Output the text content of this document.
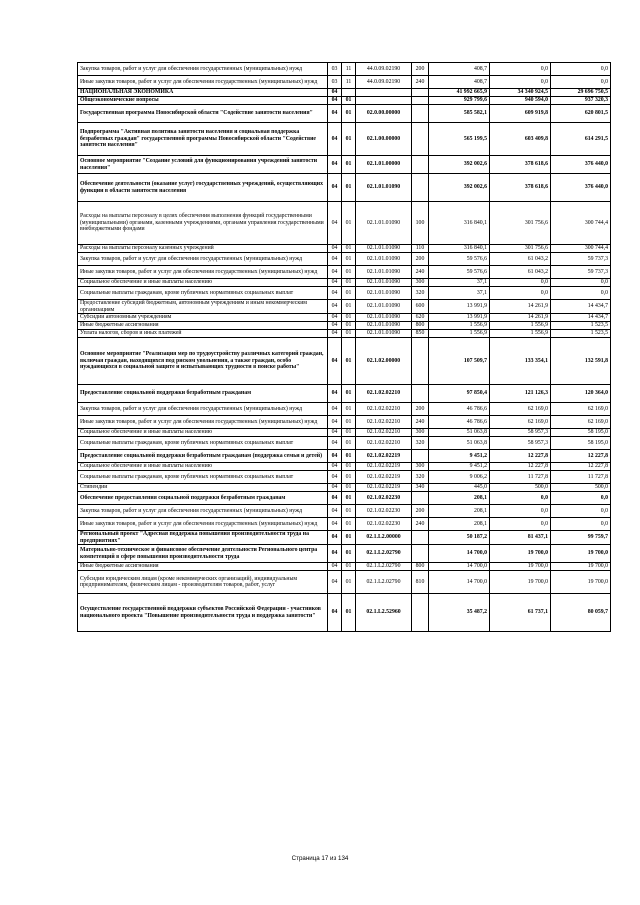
Закупка товаров, работ и услуг для обеспечения государственных (муниципальных) нужд	03	11	44.0.09.02190	200	408,7	0,0	0,0
Иные закупки товаров, работ и услуг для обеспечения государственных (муниципальных) нужд	03	11	44.0.09.02190	240	408,7	0,0	0,0
НАЦИОНАЛЬНАЯ ЭКОНОМИКА	04				41 992 665,9	34 340 924,5	29 696 750,5
Общеэкономические вопросы	04	01			929 799,6	940 594,0	937 320,3
Государственная программа Новосибирской области "Содействие занятости населения"	04	01	02.0.00.00000		585 582,1	609 919,8	620 801,5
Подпрограмма "Активная политика занятости населения и социальная поддержка безработных граждан" государственной программы Новосибирской области "Содействие занятости населения"	04	01	02.1.00.00000		565 199,5	603 409,8	614 291,5
Основное мероприятие "Создание условий для функционирования учреждений занятости населения"	04	01	02.1.01.00000		392 002,6	378 618,6	376 440,0
Обеспечение деятельности (оказание услуг) государственных учреждений, осуществляющих функции в области занятости населения	04	01	02.1.01.01090		392 002,6	378 618,6	376 440,0
Расходы на выплаты персоналу в целях обеспечения выполнения функций государственными (муниципальными) органами, казенными учреждениями, органами управления государственными внебюджетными фондами	04	01	02.1.01.01090	100	316 840,1	301 756,6	300 744,4
Расходы на выплаты персоналу казенных учреждений	04	01	02.1.01.01090	110	316 840,1	301 756,6	300 744,4
Закупка товаров, работ и услуг для обеспечения государственных (муниципальных) нужд	04	01	02.1.01.01090	200	59 576,6	61 043,2	59 737,3
Иные закупки товаров, работ и услуг для обеспечения государственных (муниципальных) нужд	04	01	02.1.01.01090	240	59 576,6	61 043,2	59 737,3
Социальное обеспечение и иные выплаты населению	04	01	02.1.01.01090	300	37,1	0,0	0,0
Социальные выплаты гражданам, кроме публичных нормативных социальных выплат	04	01	02.1.01.01090	320	37,1	0,0	0,0
Предоставление субсидий бюджетным, автономным учреждениям и иным некоммерческим организациям	04	01	02.1.01.01090	600	13 991,9	14 261,9	14 434,7
Субсидии автономным учреждениям	04	01	02.1.01.01090	620	13 991,9	14 261,9	14 434,7
Иные бюджетные ассигнования	04	01	02.1.01.01090	800	1 556,9	1 556,9	1 523,5
Уплата налогов, сборов и иных платежей	04	01	02.1.01.01090	850	1 556,9	1 556,9	1 523,5
Основное мероприятие "Реализация мер по трудоустройству различных категорий граждан, включая граждан, находящихся под риском увольнения, а также граждан, особо нуждающихся в социальной защите и испытывающих трудности в поиске работы"	04	01	02.1.02.00000		107 509,7	133 354,1	132 591,8
Предоставление социальной поддержки безработным гражданам	04	01	02.1.02.02210		97 850,4	121 126,3	120 364,0
Закупка товаров, работ и услуг для обеспечения государственных (муниципальных) нужд	04	01	02.1.02.02210	200	46 786,6	62 169,0	62 169,0
Иные закупки товаров, работ и услуг для обеспечения государственных (муниципальных) нужд	04	01	02.1.02.02210	240	46 786,6	62 169,0	62 169,0
Социальное обеспечение и иные выплаты населению	04	01	02.1.02.02210	300	51 063,8	58 957,3	58 195,0
Социальные выплаты гражданам, кроме публичных нормативных социальных выплат	04	01	02.1.02.02210	320	51 063,8	58 957,3	58 195,0
Предоставление социальной поддержки безработным гражданам (поддержка семьи и детей)	04	01	02.1.02.02219		9 451,2	12 227,8	12 227,8
Социальное обеспечение и иные выплаты населению	04	01	02.1.02.02219	300	9 451,2	12 227,8	12 227,8
Социальные выплаты гражданам, кроме публичных нормативных социальных выплат	04	01	02.1.02.02219	320	9 006,2	11 727,8	11 727,8
Стипендии	04	01	02.1.02.02219	340	445,0	500,0	500,0
Обеспечение предоставления социальной поддержки безработным гражданам	04	01	02.1.02.02230		208,1	0,0	0,0
Закупка товаров, работ и услуг для обеспечения государственных (муниципальных) нужд	04	01	02.1.02.02230	200	208,1	0,0	0,0
Иные закупки товаров, работ и услуг для обеспечения государственных (муниципальных) нужд	04	01	02.1.02.02230	240	208,1	0,0	0,0
Региональный проект "Адресная поддержка повышения производительности труда на предприятиях"	04	01	02.1.L2.00000		50 187,2	81 437,1	99 759,7
Материально-техническое и финансовое обеспечение деятельности Регионального центра компетенций в сфере повышения производительности труда	04	01	02.1.L2.02790		14 700,0	19 700,0	19 700,0
Иные бюджетные ассигнования	04	01	02.1.L2.02790	800	14 700,0	19 700,0	19 700,0
Субсидии юридическим лицам (кроме некоммерческих организаций), индивидуальным предпринимателям, физическим лицам - производителям товаров, работ, услуг	04	01	02.1.L2.02790	810	14 700,0	19 700,0	19 700,0
Осуществление государственной поддержки субъектов Российской Федерации - участников национального проекта "Повышение производительности труда и поддержка занятости"	04	01	02.1.L2.52960		35 487,2	61 737,1	80 059,7
Страница 17 из 134
